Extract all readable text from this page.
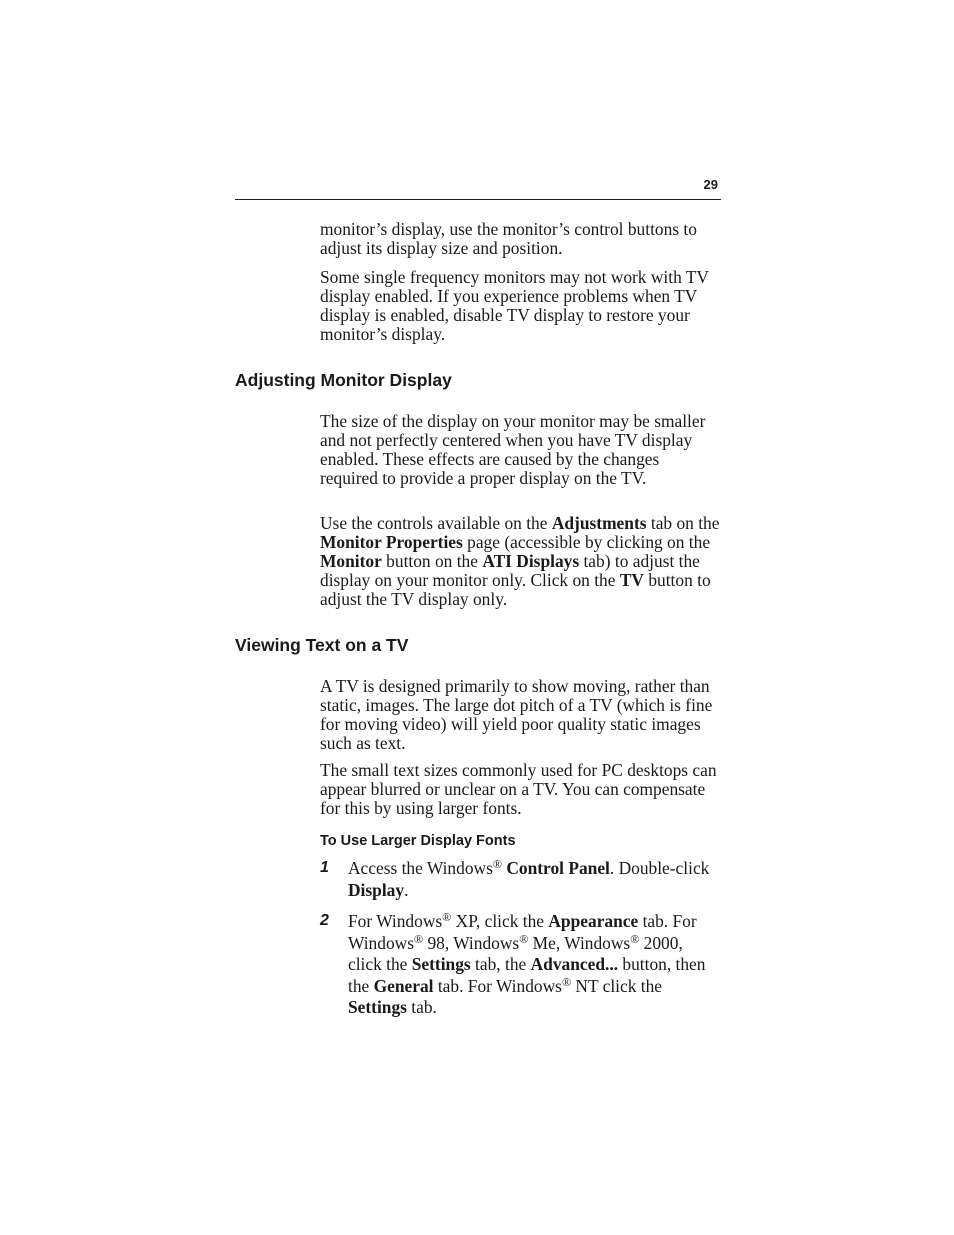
29

monitor’s display, use the monitor’s control buttons to adjust its display size and position.

Some single frequency monitors may not work with TV display enabled. If you experience problems when TV display is enabled, disable TV display to restore your monitor’s display.

Adjusting Monitor Display

The size of the display on your monitor may be smaller and not perfectly centered when you have TV display enabled. These effects are caused by the changes required to provide a proper display on the TV.

Use the controls available on the Adjustments tab on the Monitor Properties page (accessible by clicking on the Monitor button on the ATI Displays tab) to adjust the display on your monitor only. Click on the TV button to adjust the TV display only.

Viewing Text on a TV

A TV is designed primarily to show moving, rather than static, images. The large dot pitch of a TV (which is fine for moving video) will yield poor quality static images such as text.

The small text sizes commonly used for PC desktops can appear blurred or unclear on a TV. You can compensate for this by using larger fonts.

To Use Larger Display Fonts
1 Access the Windows® Control Panel. Double-click Display.

2 For Windows® XP, click the Appearance tab. For Windows® 98, Windows® Me, Windows® 2000, click the Settings tab, the Advanced... button, then the General tab. For Windows® NT click the Settings tab.
